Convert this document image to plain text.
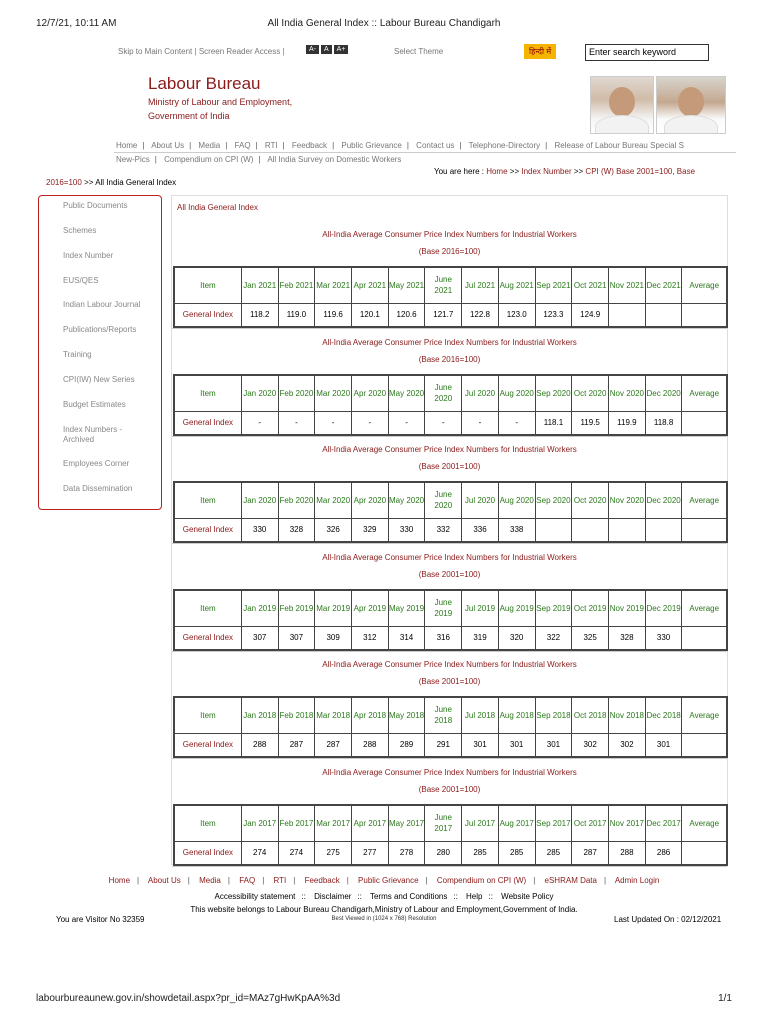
12/7/21, 10:11 AM	All India General Index :: Labour Bureau Chandigarh
Skip to Main Content | Screen Reader Access |	A-	A	A+	Select Theme	हिन्दी में	Enter search keyword
Labour Bureau
Ministry of Labour and Employment,
Government of India
Home | About Us | Media | FAQ | RTI | Feedback | Public Grievance | Contact us | Telephone-Directory | Release of Labour Bureau Special S
New-Pics | Compendium on CPI (W) | All India Survey on Domestic Workers
You are here : Home >> Index Number >> CPI (W) Base 2001=100, Base
2016=100 >> All India General Index
Public Documents
Schemes
Index Number
EUS/QES
Indian Labour Journal
Publications/Reports
Training
CPI(IW) New Series
Budget Estimates
Index Numbers - Archived
Employees Corner
Data Dissemination
All India General Index
All-India Average Consumer Price Index Numbers for Industrial Workers
(Base 2016=100)
Item	Jan 2021	Feb 2021	Mar 2021	Apr 2021	May 2021	June 2021	Jul 2021	Aug 2021	Sep 2021	Oct 2021	Nov 2021	Dec 2021	Average
General Index	118.2	119.0	119.6	120.1	120.6	121.7	122.8	123.0	123.3	124.9			
All-India Average Consumer Price Index Numbers for Industrial Workers
(Base 2016=100)
Item	Jan 2020	Feb 2020	Mar 2020	Apr 2020	May 2020	June 2020	Jul 2020	Aug 2020	Sep 2020	Oct 2020	Nov 2020	Dec 2020	Average
General Index	-	-	-	-	-	-	-	-	118.1	119.5	119.9	118.8	
All-India Average Consumer Price Index Numbers for Industrial Workers
(Base 2001=100)
Item	Jan 2020	Feb 2020	Mar 2020	Apr 2020	May 2020	June 2020	Jul 2020	Aug 2020	Sep 2020	Oct 2020	Nov 2020	Dec 2020	Average
General Index	330	328	326	329	330	332	336	338					
All-India Average Consumer Price Index Numbers for Industrial Workers
(Base 2001=100)
Item	Jan 2019	Feb 2019	Mar 2019	Apr 2019	May 2019	June 2019	Jul 2019	Aug 2019	Sep 2019	Oct 2019	Nov 2019	Dec 2019	Average
General Index	307	307	309	312	314	316	319	320	322	325	328	330	
All-India Average Consumer Price Index Numbers for Industrial Workers
(Base 2001=100)
Item	Jan 2018	Feb 2018	Mar 2018	Apr 2018	May 2018	June 2018	Jul 2018	Aug 2018	Sep 2018	Oct 2018	Nov 2018	Dec 2018	Average
General Index	288	287	287	288	289	291	301	301	301	302	302	301	
All-India Average Consumer Price Index Numbers for Industrial Workers
(Base 2001=100)
Item	Jan 2017	Feb 2017	Mar 2017	Apr 2017	May 2017	June 2017	Jul 2017	Aug 2017	Sep 2017	Oct 2017	Nov 2017	Dec 2017	Average
General Index	274	274	275	277	278	280	285	285	285	287	288	286	
Home | About Us | Media | FAQ | RTI | Feedback | Public Grievance | Compendium on CPI (W) | eSHRAM Data | Admin Login
Accessibility statement :: Disclaimer :: Terms and Conditions :: Help :: Website Policy
This website belongs to Labour Bureau Chandigarh,Ministry of Labour and Employment,Government of India.
You are Visitor No 32359	Best Viewed in (1024 x 768) Resolution	Last Updated On : 02/12/2021
labourbureaunew.gov.in/showdetail.aspx?pr_id=MAz7gHwKpAA%3d	1/1
